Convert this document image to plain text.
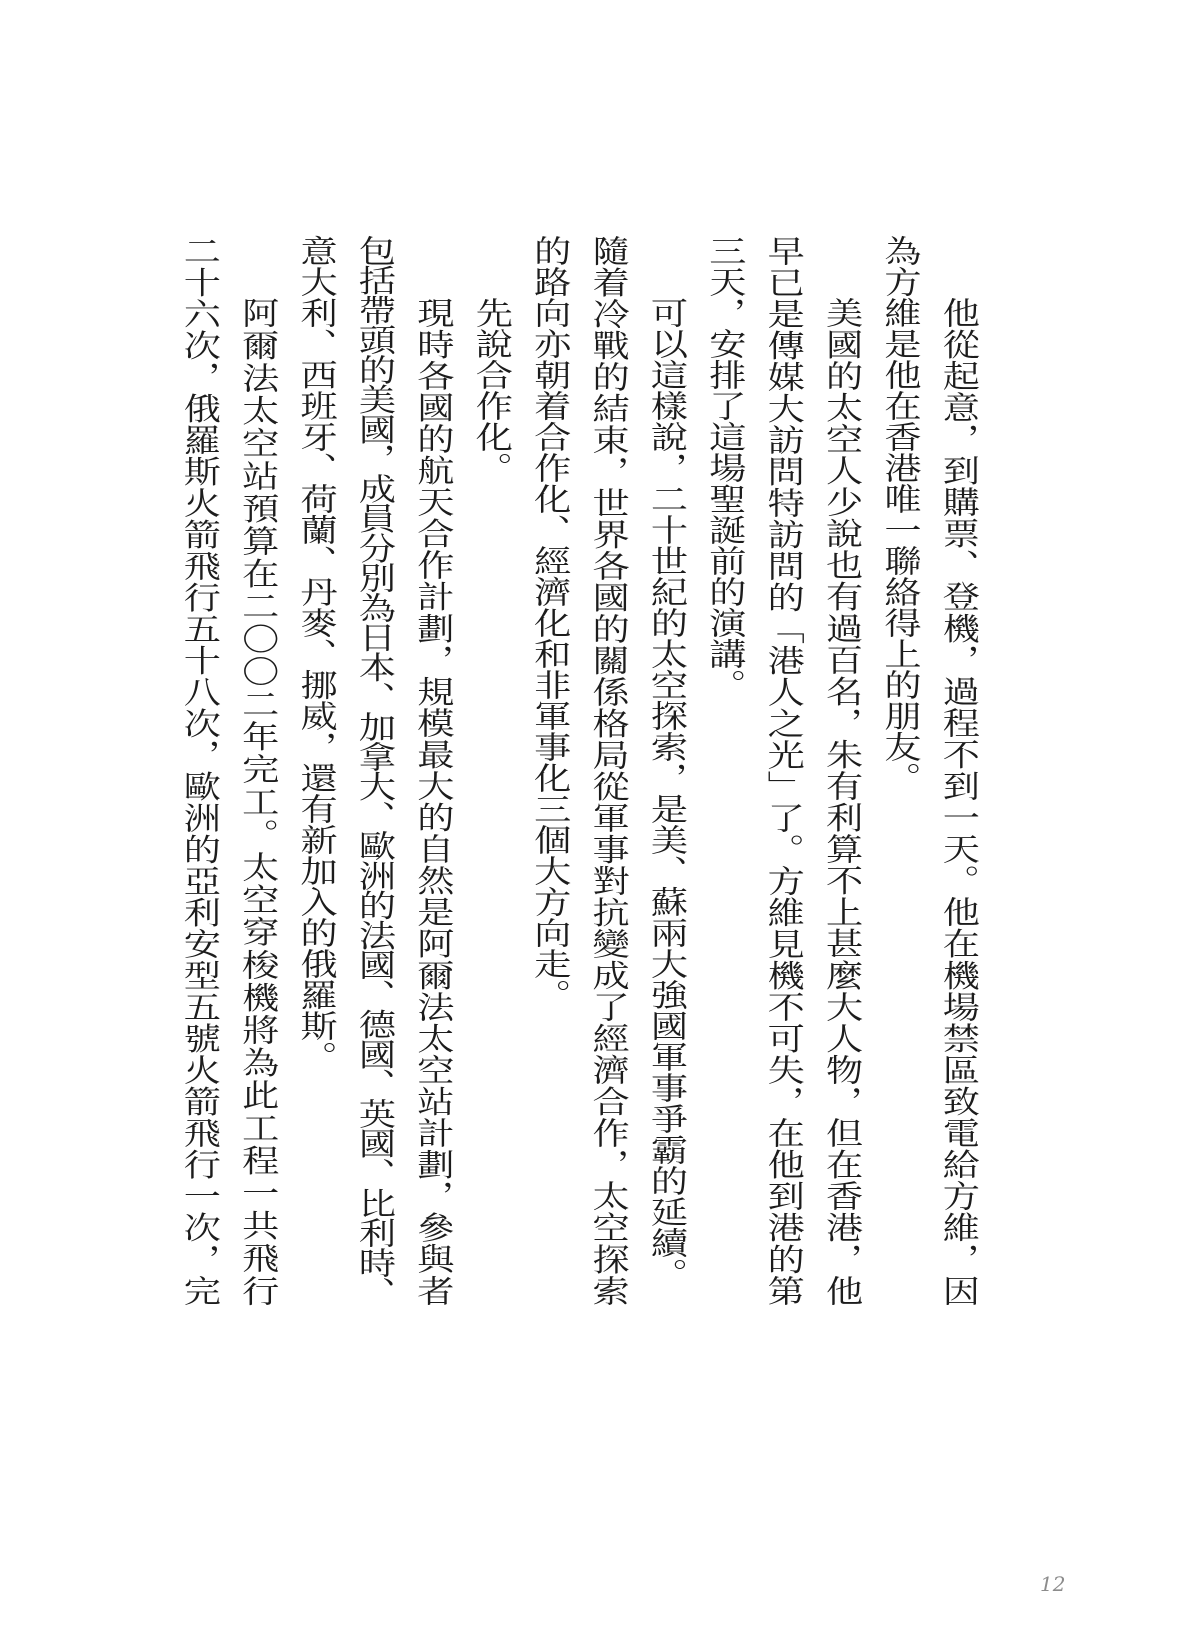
他從起意，到購票、登機，過程不到一天。他在機場禁區致電給方維，因
為方維是他在香港唯一聯絡得上的朋友。
美國的太空人少說也有過百名，朱有利算不上甚麼大人物，但在香港，他
早已是傳媒大訪問特訪問的「港人之光」了。方維見機不可失，在他到港的第
三天，安排了這場聖誕前的演講。
可以這樣說，二十世紀的太空探索，是美、蘇兩大強國軍事爭霸的延續。
隨着冷戰的結束，世界各國的關係格局從軍事對抗變成了經濟合作，太空探索
的路向亦朝着合作化、經濟化和非軍事化三個大方向走。
先說合作化。
現時各國的航天合作計劃，規模最大的自然是阿爾法太空站計劃，參與者
包括帶頭的美國，成員分別為日本、加拿大、歐洲的法國、德國、英國、比利時、
意大利、西班牙、荷蘭、丹麥、挪威，還有新加入的俄羅斯。
阿爾法太空站預算在二〇〇二年完工。太空穿梭機將為此工程一共飛行
二十六次，俄羅斯火箭飛行五十八次，歐洲的亞利安型五號火箭飛行一次，完
12
